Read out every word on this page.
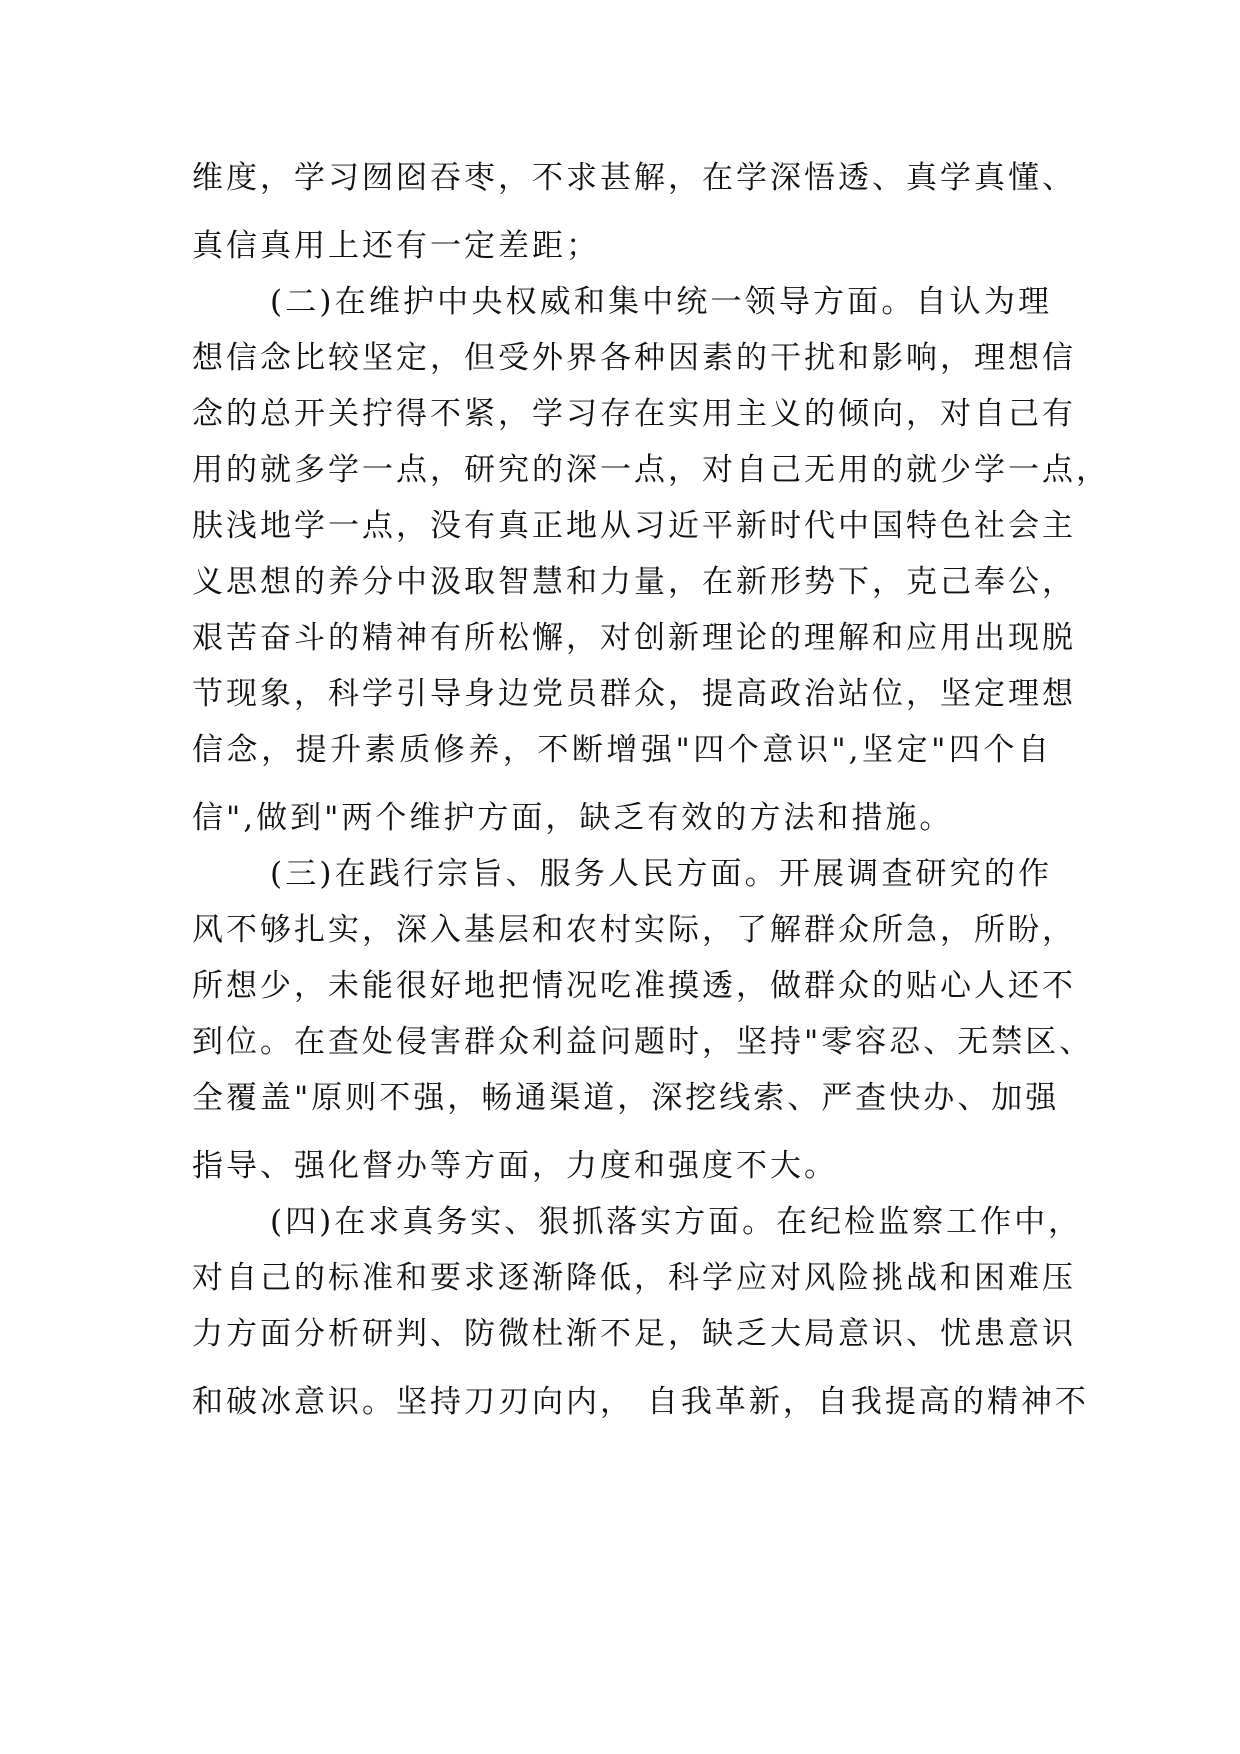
维度，学习囫囵吞枣，不求甚解，在学深悟透、真学真懂、
真信真用上还有一定差距；
(二)在维护中央权威和集中统一领导方面。自认为理
想信念比较坚定，但受外界各种因素的干扰和影响，理想信
念的总开关拧得不紧，学习存在实用主义的倾向，对自己有
用的就多学一点，研究的深一点，对自己无用的就少学一点，
肤浅地学一点，没有真正地从习近平新时代中国特色社会主
义思想的养分中汲取智慧和力量，在新形势下，克己奉公，
艰苦奋斗的精神有所松懈，对创新理论的理解和应用出现脱
节现象，科学引导身边党员群众，提高政治站位，坚定理想
信念，提升素质修养，不断增强"四个意识",坚定"四个自
信",做到"两个维护方面，缺乏有效的方法和措施。
(三)在践行宗旨、服务人民方面。开展调查研究的作
风不够扎实，深入基层和农村实际，了解群众所急，所盼，
所想少，未能很好地把情况吃准摸透，做群众的贴心人还不
到位。在查处侵害群众利益问题时，坚持"零容忍、无禁区、
全覆盖"原则不强，畅通渠道，深挖线索、严查快办、加强
指导、强化督办等方面，力度和强度不大。
(四)在求真务实、狠抓落实方面。在纪检监察工作中，
对自己的标准和要求逐渐降低，科学应对风险挑战和困难压
力方面分析研判、防微杜渐不足，缺乏大局意识、忧患意识
和破冰意识。坚持刀刃向内， 自我革新，自我提高的精神不
